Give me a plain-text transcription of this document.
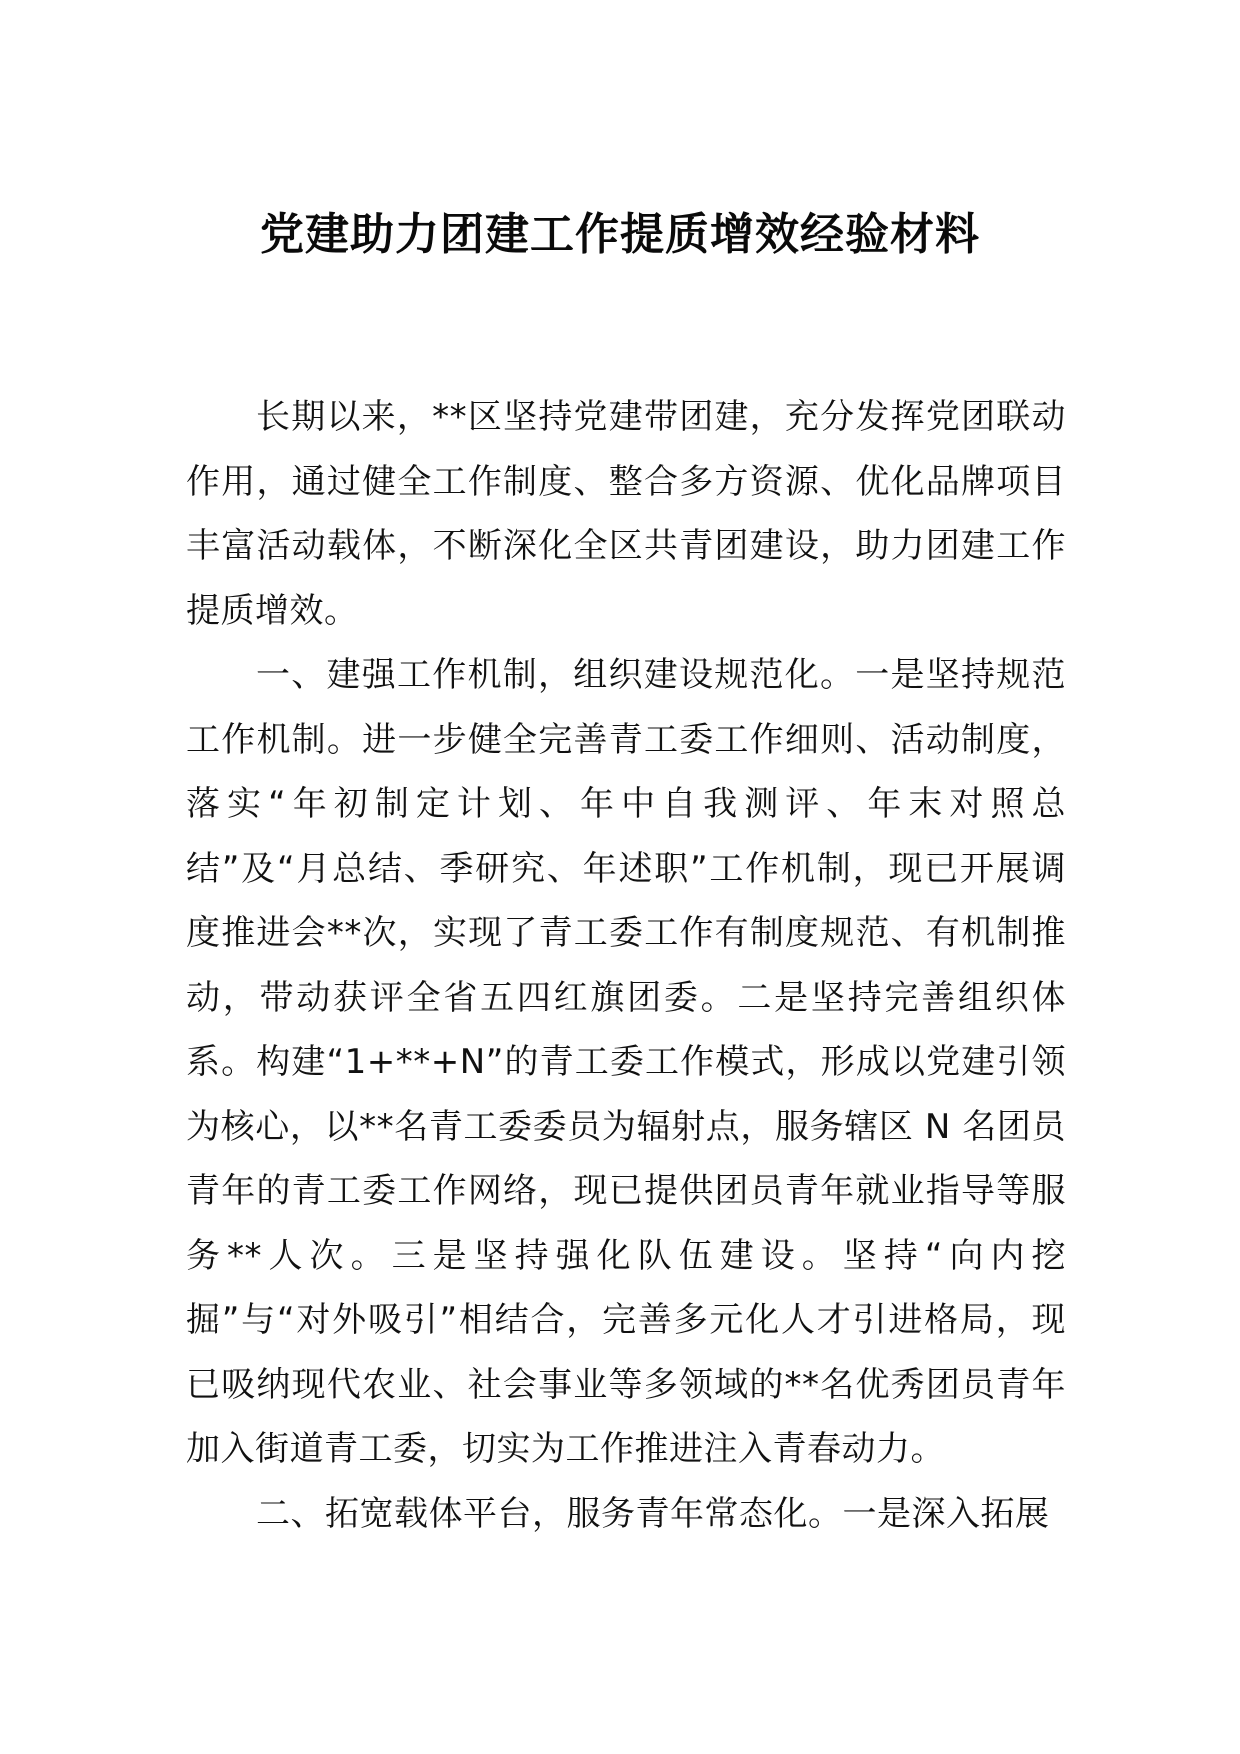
党建助力团建工作提质增效经验材料

长期以来，**区坚持党建带团建，充分发挥党团联动作用，通过健全工作制度、整合多方资源、优化品牌项目丰富活动载体，不断深化全区共青团建设，助力团建工作提质增效。

一、建强工作机制，组织建设规范化。一是坚持规范工作机制。进一步健全完善青工委工作细则、活动制度，落实“年初制定计划、年中自我测评、年末对照总结”及“月总结、季研究、年述职”工作机制，现已开展调度推进会**次，实现了青工委工作有制度规范、有机制推动，带动获评全省五四红旗团委。二是坚持完善组织体系。构建“1+**+N”的青工委工作模式，形成以党建引领为核心，以**名青工委委员为辐射点，服务辖区 N 名团员青年的青工委工作网络，现已提供团员青年就业指导等服务**人次。三是坚持强化队伍建设。坚持“向内挖掘”与“对外吸引”相结合，完善多元化人才引进格局，现已吸纳现代农业、社会事业等多领域的**名优秀团员青年加入街道青工委，切实为工作推进注入青春动力。

二、拓宽载体平台，服务青年常态化。一是深入拓展
